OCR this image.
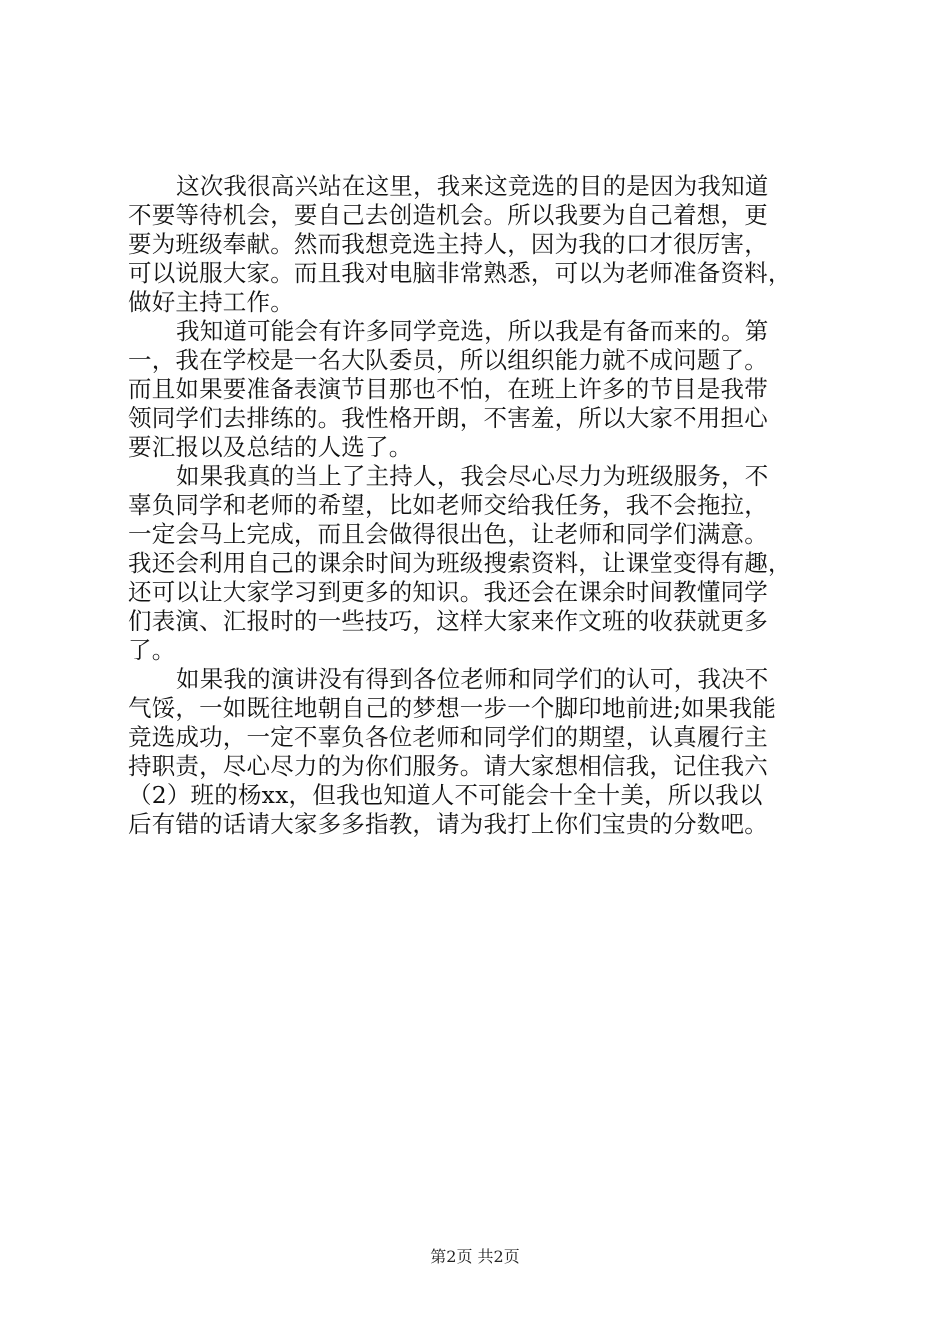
这次我很高兴站在这里，我来这竞选的目的是因为我知道
不要等待机会，要自己去创造机会。所以我要为自己着想，更
要为班级奉献。然而我想竞选主持人，因为我的口才很厉害，
可以说服大家。而且我对电脑非常熟悉，可以为老师准备资料，
做好主持工作。
我知道可能会有许多同学竞选，所以我是有备而来的。第
一，我在学校是一名大队委员，所以组织能力就不成问题了。
而且如果要准备表演节目那也不怕，在班上许多的节目是我带
领同学们去排练的。我性格开朗，不害羞，所以大家不用担心
要汇报以及总结的人选了。
如果我真的当上了主持人，我会尽心尽力为班级服务，不
辜负同学和老师的希望，比如老师交给我任务，我不会拖拉，
一定会马上完成，而且会做得很出色，让老师和同学们满意。
我还会利用自己的课余时间为班级搜索资料，让课堂变得有趣，
还可以让大家学习到更多的知识。我还会在课余时间教懂同学
们表演、汇报时的一些技巧，这样大家来作文班的收获就更多
了。
如果我的演讲没有得到各位老师和同学们的认可，我决不
气馁，一如既往地朝自己的梦想一步一个脚印地前进;如果我能
竞选成功，一定不辜负各位老师和同学们的期望，认真履行主
持职责，尽心尽力的为你们服务。请大家想相信我，记住我六
（2）班的杨xx，但我也知道人不可能会十全十美，所以我以
后有错的话请大家多多指教，请为我打上你们宝贵的分数吧。
第2页 共2页
